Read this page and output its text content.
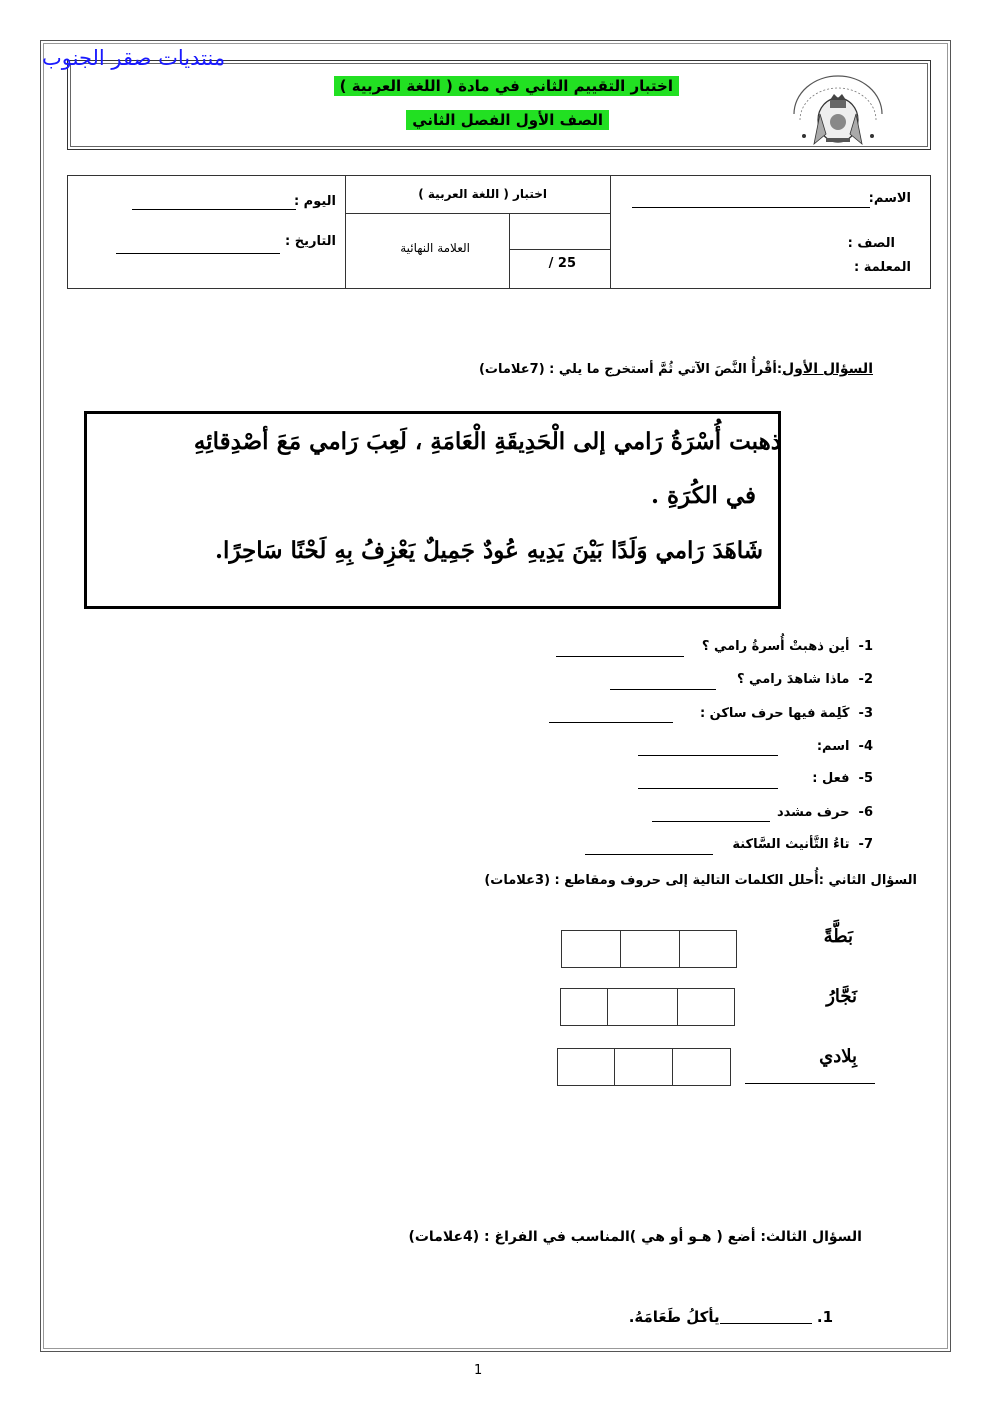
منتديات صقر الجنوب
اختبار التقييم الثاني في مادة ( اللغة العربية )
الصف الأول الفصل الثاني
الاسم:
الصف :
المعلمة :
اختبار ( اللغة العربية )
العلامة النهائية
25 /
اليوم :
التاريخ :
السؤال الأول:أقْرأُ النَّصَ الآتي ثُمَّ أستخرج ما يلي : (7علامات)
ذهبت أُسْرَةُ رَامي إلى الْحَدِيقَةِ الْعَامَةِ ، لَعِبَ رَامي مَعَ أصْدِقائِهِ
في الكُرَةِ .
شَاهَدَ رَامي وَلَدًا بَيْنَ يَدِيهِ عُودٌ جَمِيلٌ يَعْزِفُ بِهِ لَحْنًا سَاحِرًا.
1-  أين ذهبتْ أُسرةُ رامي ؟
2-  ماذا شاهدَ رامي ؟
3-  كَلِمة فيها حرف ساكن :
4-  اسم:
5-  فعل :
6-  حرف مشدد
7-  تاءُ التَّأنيث السَّاكنة
السؤال الثاني :أُحلل الكلمات التالية إلى حروف ومقاطع : (3علامات)
بَطَّةً
نَجَّارُ
بِلادي
السؤال الثالث: أضع ( هـو أو هي )المناسب في الفراغ : (4علامات)
1. يأكلُ طَعَامَهُ.
1
